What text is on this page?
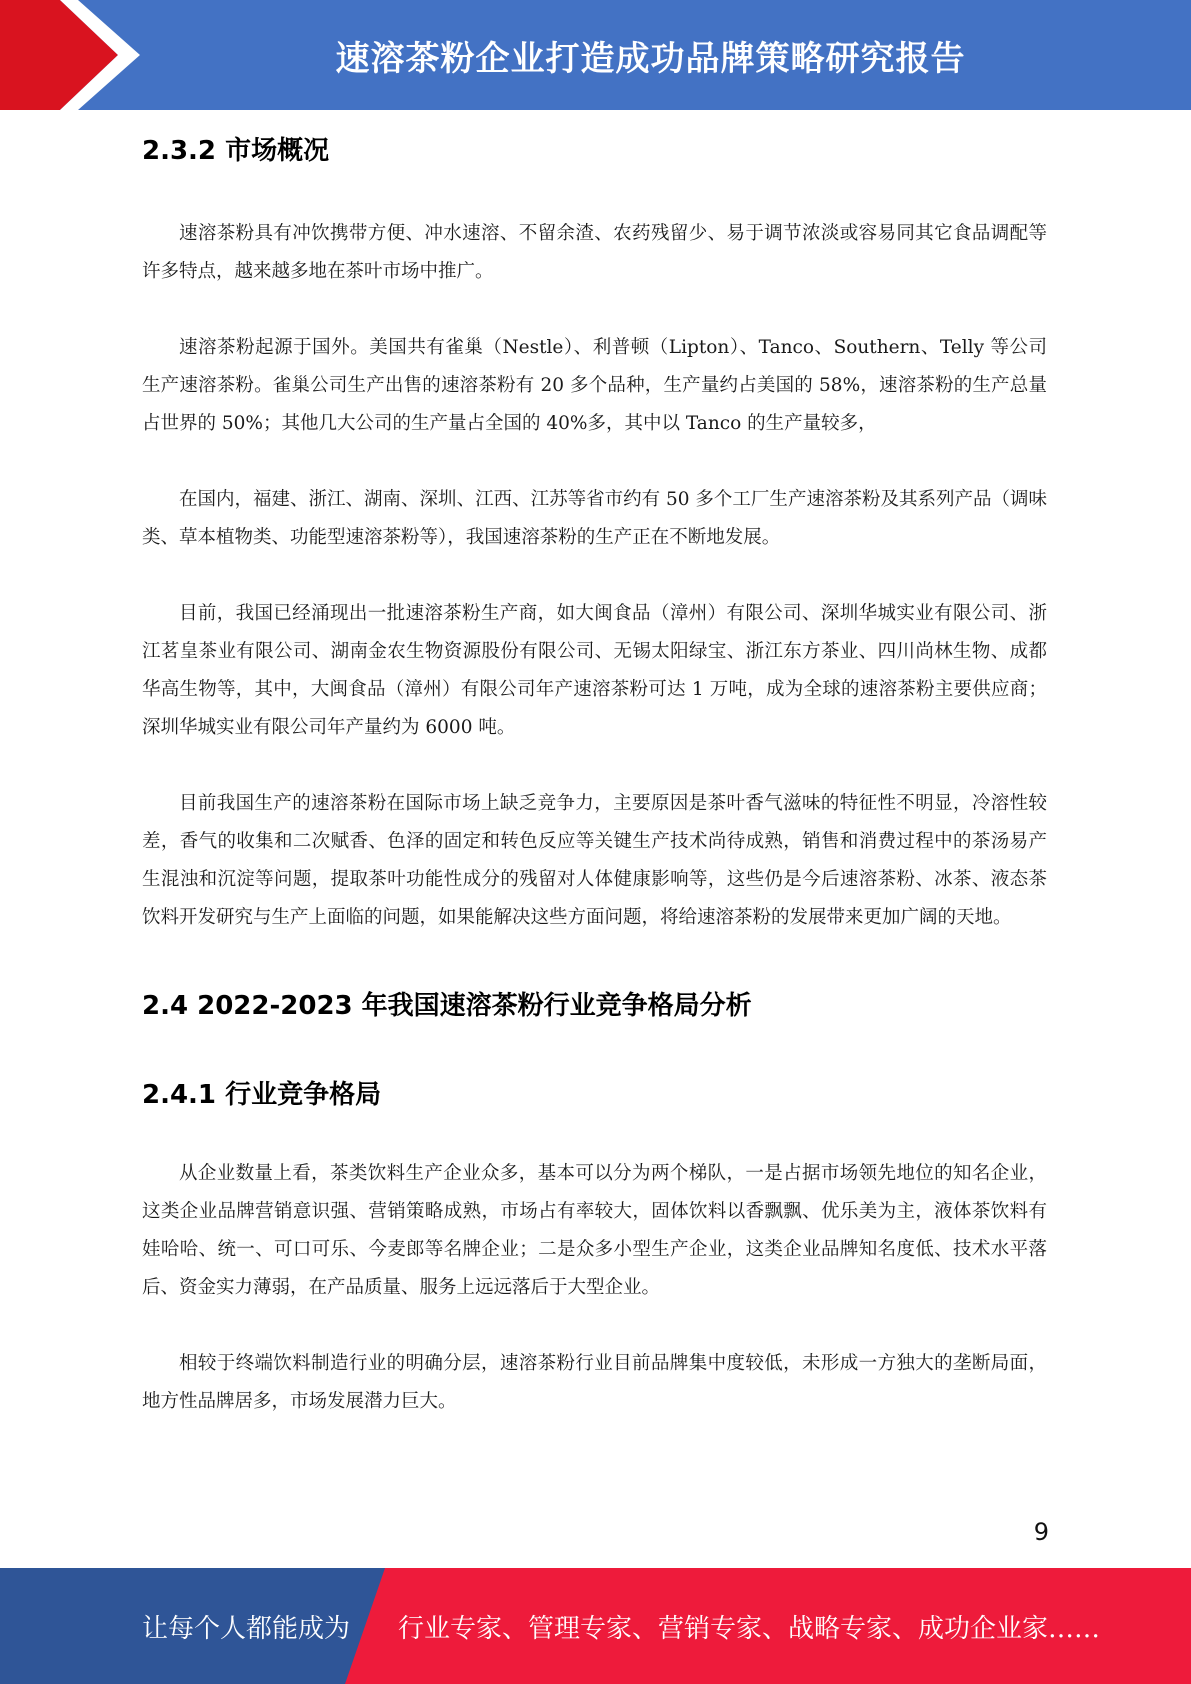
速溶茶粉企业打造成功品牌策略研究报告
2.3.2 市场概况

速溶茶粉具有冲饮携带方便、冲水速溶、不留余渣、农药残留少、易于调节浓淡或容易同其它食品调配等许多特点，越来越多地在茶叶市场中推广。

速溶茶粉起源于国外。美国共有雀巢（Nestle）、利普顿（Lipton）、Tanco、Southern、Telly 等公司生产速溶茶粉。雀巢公司生产出售的速溶茶粉有 20 多个品种，生产量约占美国的 58%，速溶茶粉的生产总量占世界的 50%；其他几大公司的生产量占全国的 40%多，其中以 Tanco 的生产量较多，

在国内，福建、浙江、湖南、深圳、江西、江苏等省市约有 50 多个工厂生产速溶茶粉及其系列产品（调味类、草本植物类、功能型速溶茶粉等），我国速溶茶粉的生产正在不断地发展。

目前，我国已经涌现出一批速溶茶粉生产商，如大闽食品（漳州）有限公司、深圳华城实业有限公司、浙江茗皇茶业有限公司、湖南金农生物资源股份有限公司、无锡太阳绿宝、浙江东方茶业、四川尚林生物、成都华高生物等，其中，大闽食品（漳州）有限公司年产速溶茶粉可达 1 万吨，成为全球的速溶茶粉主要供应商；深圳华城实业有限公司年产量约为 6000 吨。

目前我国生产的速溶茶粉在国际市场上缺乏竞争力，主要原因是茶叶香气滋味的特征性不明显，冷溶性较差，香气的收集和二次赋香、色泽的固定和转色反应等关键生产技术尚待成熟，销售和消费过程中的茶汤易产生混浊和沉淀等问题，提取茶叶功能性成分的残留对人体健康影响等，这些仍是今后速溶茶粉、冰茶、液态茶饮料开发研究与生产上面临的问题，如果能解决这些方面问题，将给速溶茶粉的发展带来更加广阔的天地。

2.4 2022-2023 年我国速溶茶粉行业竞争格局分析
2.4.1 行业竞争格局

从企业数量上看，茶类饮料生产企业众多，基本可以分为两个梯队，一是占据市场领先地位的知名企业，这类企业品牌营销意识强、营销策略成熟，市场占有率较大，固体饮料以香飘飘、优乐美为主，液体茶饮料有娃哈哈、统一、可口可乐、今麦郎等名牌企业；二是众多小型生产企业，这类企业品牌知名度低、技术水平落后、资金实力薄弱，在产品质量、服务上远远落后于大型企业。

相较于终端饮料制造行业的明确分层，速溶茶粉行业目前品牌集中度较低，未形成一方独大的垄断局面，地方性品牌居多，市场发展潜力巨大。

9
让每个人都能成为 行业专家、管理专家、营销专家、战略专家、成功企业家……
